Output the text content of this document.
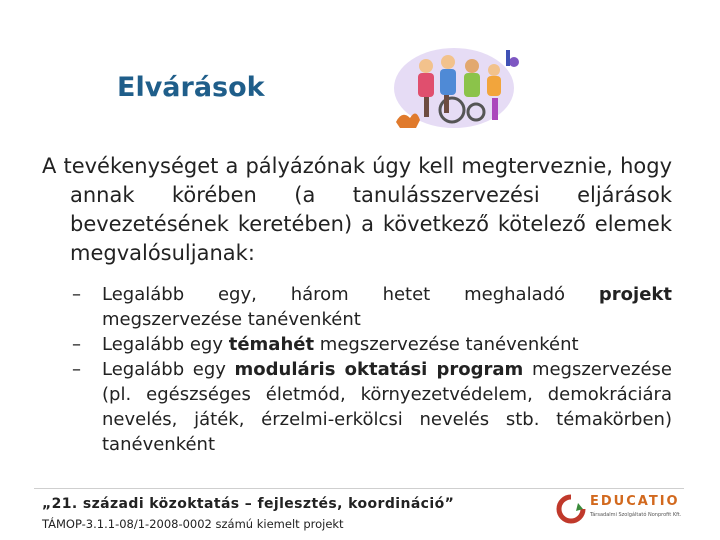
Elvárások

A tevékenységet a pályázónak úgy kell megterveznie, hogy annak körében (a tanulásszervezési eljárások bevezetésének keretében) a következő kötelező elemek megvalósuljanak:

– Legalább egy, három hetet meghaladó projekt megszervezése tanévenként
– Legalább egy témahét megszervezése tanévenként
– Legalább egy moduláris oktatási program megszervezése (pl. egészséges életmód, környezetvédelem, demokráciára nevelés, játék, érzelmi-erkölcsi nevelés stb. témakörben) tanévenként
„21. századi közoktatás – fejlesztés, koordináció”
TÁMOP-3.1.1-08/1-2008-0002 számú kiemelt projekt
EDUCATIO
Társadalmi Szolgáltató Nonprofit Kft.
